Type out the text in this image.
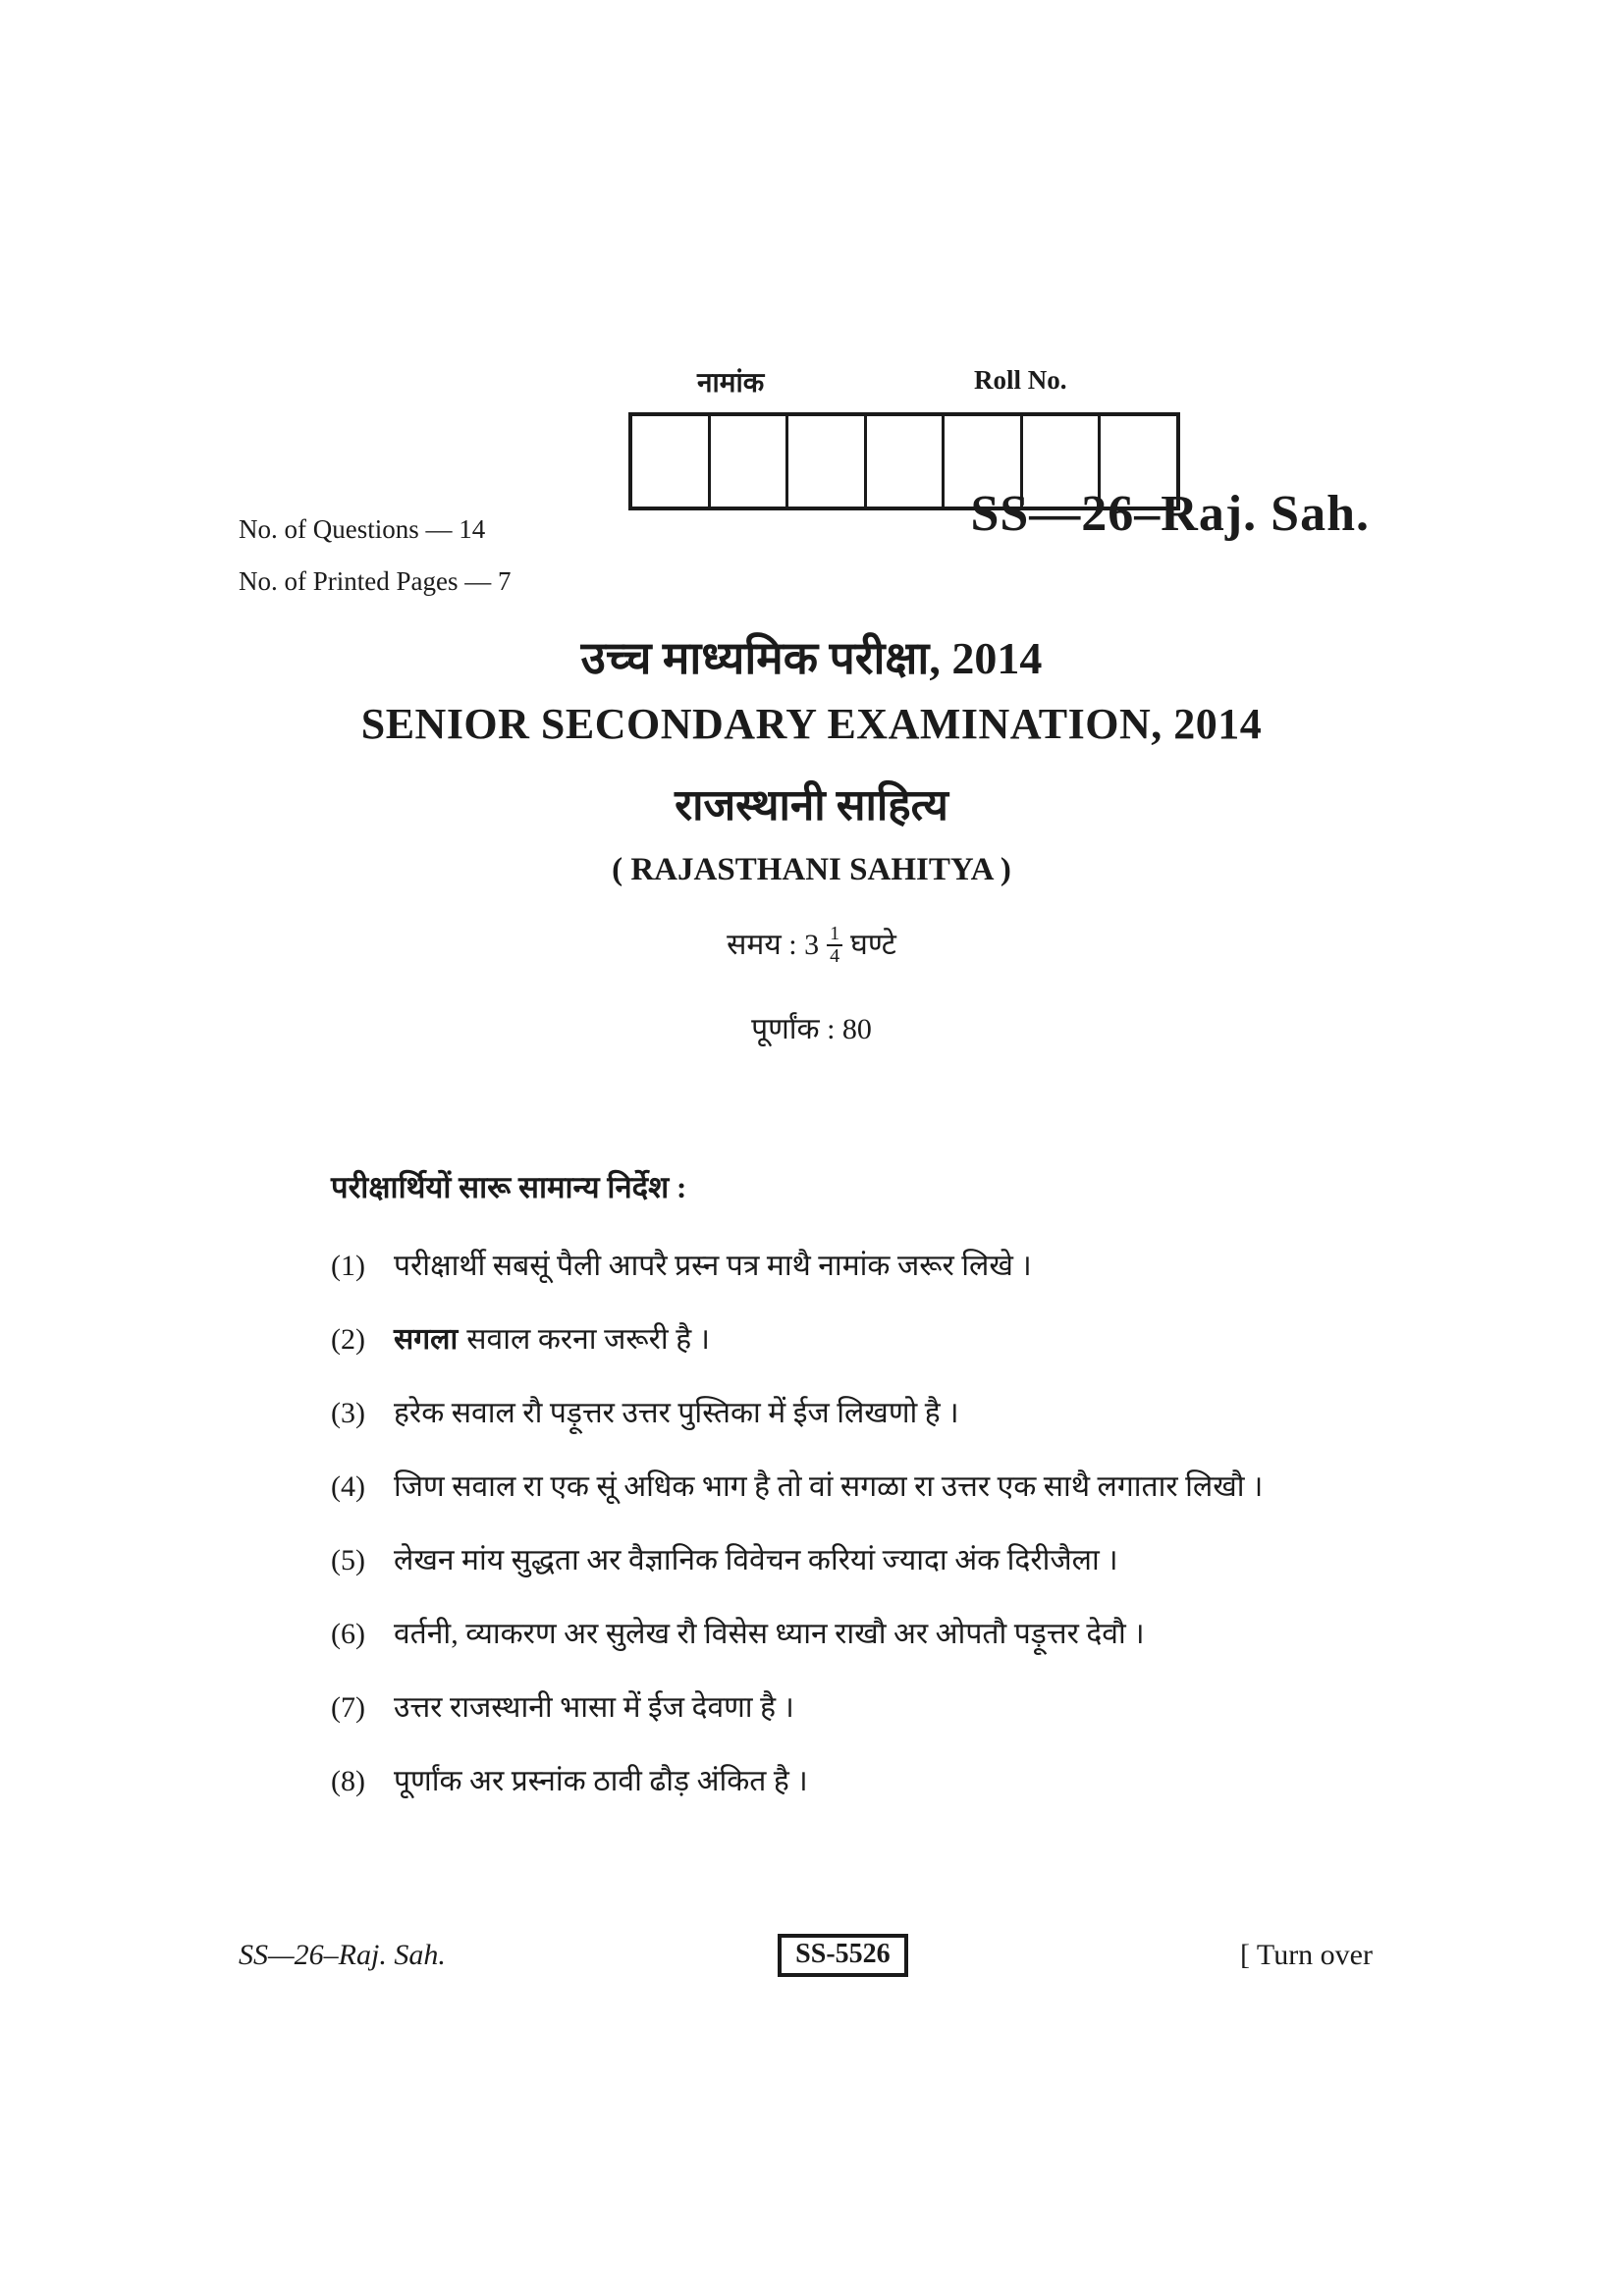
नामांक	Roll No.
No. of Questions — 14
No. of Printed Pages — 7
SS—26–Raj. Sah.
उच्च माध्यमिक परीक्षा, 2014
SENIOR SECONDARY EXAMINATION, 2014
राजस्थानी साहित्य
( RAJASTHANI SAHITYA )
समय : $3 \frac{1}{4}$ घण्टे
पूर्णांक : 80
परीक्षार्थियों सारू सामान्य निर्देश :
(1) परीक्षार्थी सबसूं पैली आपरै प्रस्न पत्र माथै नामांक जरूर लिखे ।
(2) सगला सवाल करना जरूरी है ।
(3) हरेक सवाल रौ पड़ूत्तर उत्तर पुस्तिका में ईज लिखणो है ।
(4) जिण सवाल रा एक सूं अधिक भाग है तो वां सगळा रा उत्तर एक साथै लगातार लिखौ ।
(5) लेखन मांय सुद्धता अर वैज्ञानिक विवेचन करियां ज्यादा अंक दिरीजैला ।
(6) वर्तनी, व्याकरण अर सुलेख रौ विसेस ध्यान राखौ अर ओपतौ पड़ूत्तर देवौ ।
(7) उत्तर राजस्थानी भासा में ईज देवणा है ।
(8) पूर्णांक अर प्रस्नांक ठावी ढौड़ अंकित है ।
SS—26–Raj. Sah.	SS-5526	[ Turn over
